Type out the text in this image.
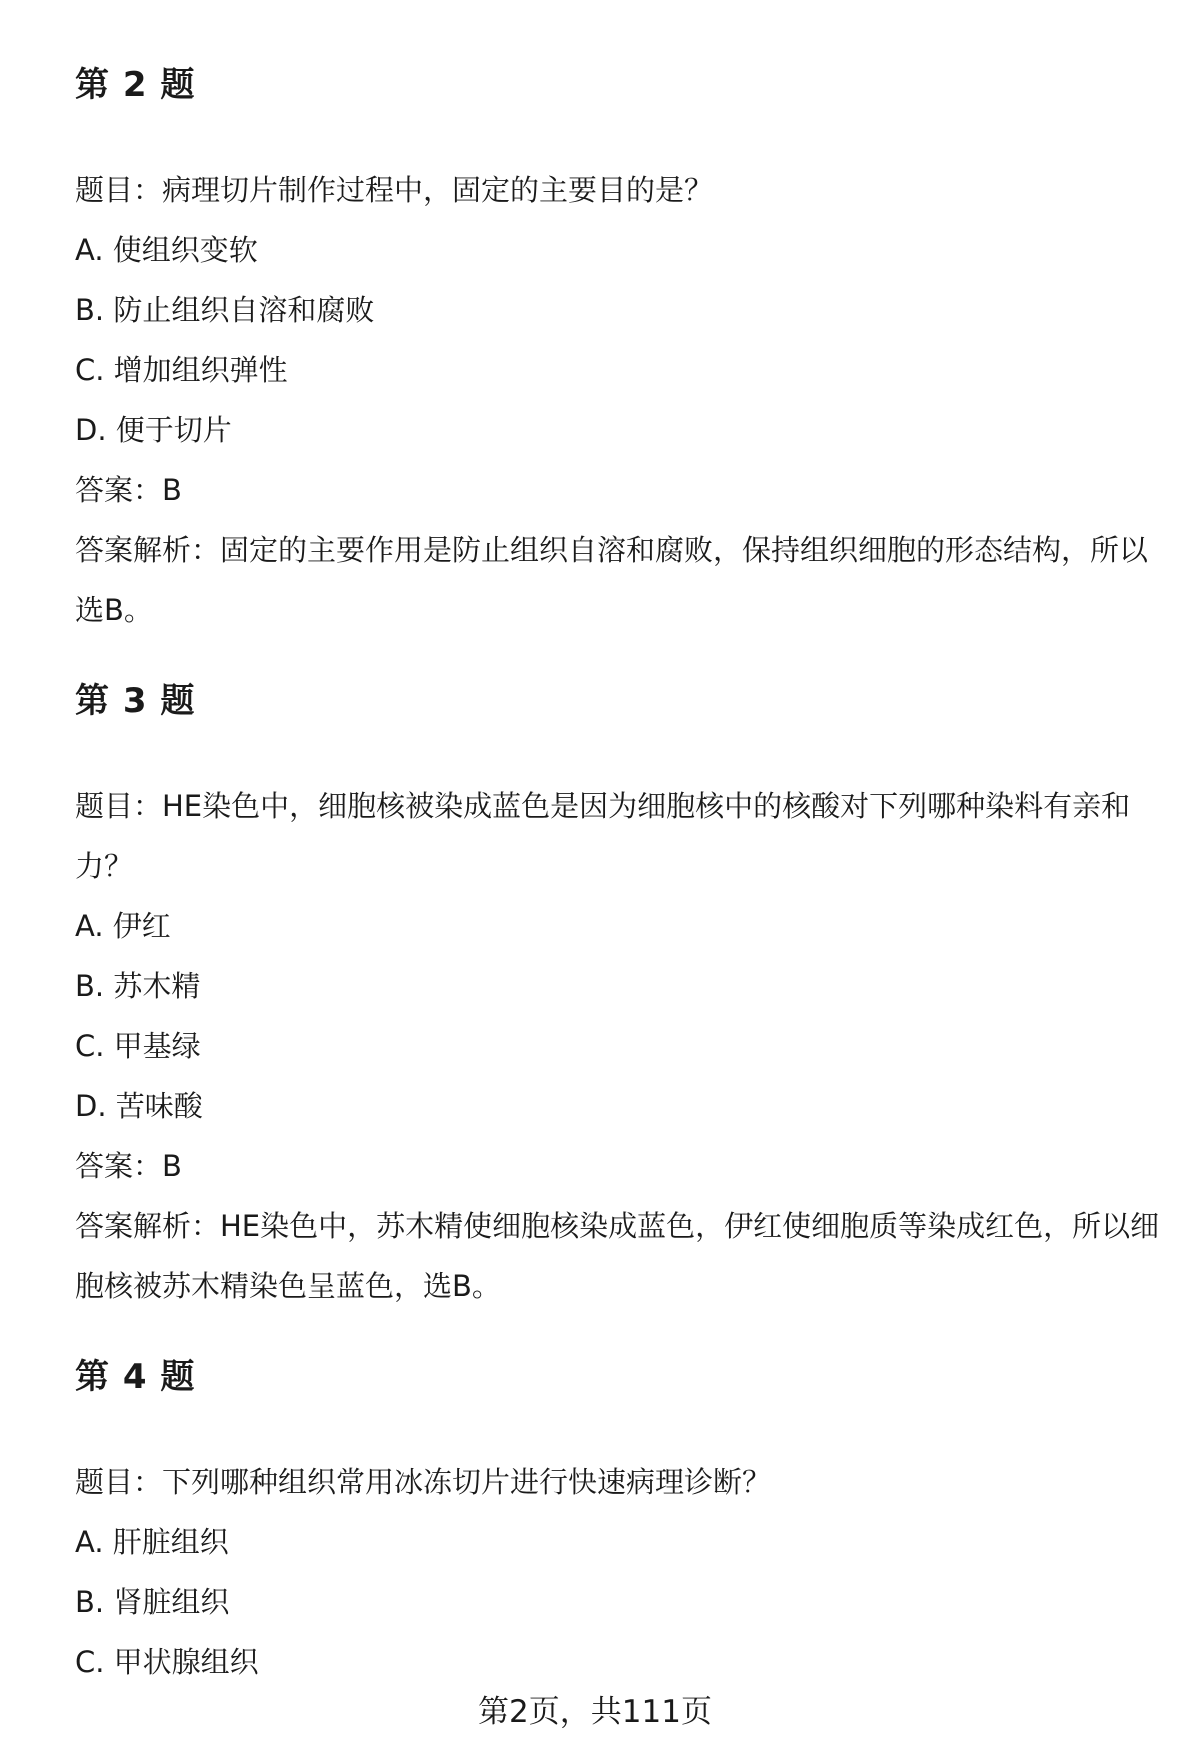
第 2 题
题目：病理切片制作过程中，固定的主要目的是？
A. 使组织变软
B. 防止组织自溶和腐败
C. 增加组织弹性
D. 便于切片
答案：B
答案解析：固定的主要作用是防止组织自溶和腐败，保持组织细胞的形态结构，所以选B。
第 3 题
题目：HE染色中，细胞核被染成蓝色是因为细胞核中的核酸对下列哪种染料有亲和力？
A. 伊红
B. 苏木精
C. 甲基绿
D. 苦味酸
答案：B
答案解析：HE染色中，苏木精使细胞核染成蓝色，伊红使细胞质等染成红色，所以细胞核被苏木精染色呈蓝色，选B。
第 4 题
题目：下列哪种组织常用冰冻切片进行快速病理诊断？
A. 肝脏组织
B. 肾脏组织
C. 甲状腺组织
第2页，共111页
